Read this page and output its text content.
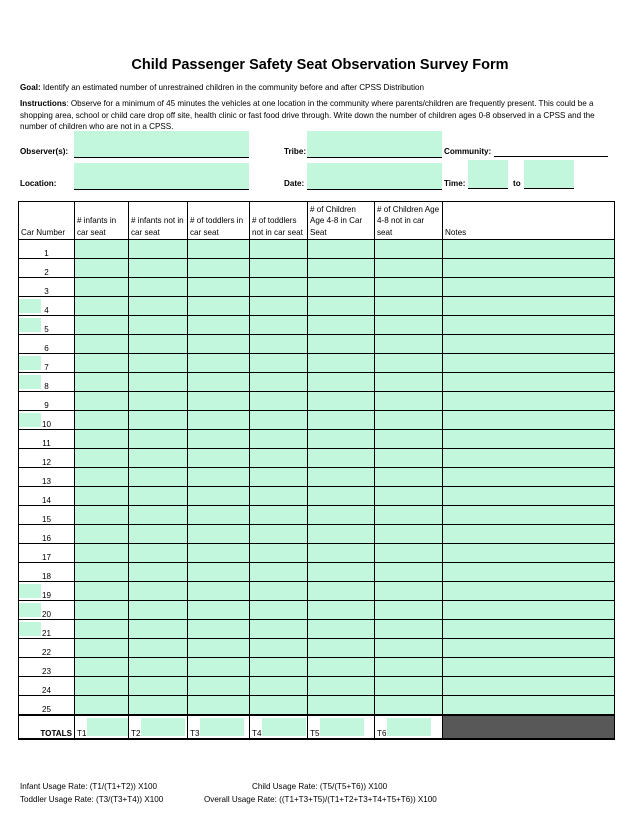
Child Passenger Safety Seat Observation Survey Form
Goal: Identify an estimated number of unrestrained children in the community before and after CPSS Distribution
Instructions: Observe for a minimum of 45 minutes the vehicles at one location in the community where parents/children are frequently present. This could be a shopping area, school or child care drop off site, health clinic or fast food drive through. Write down the number of children ages 0-8 observed in a CPSS and the number of children who are not in a CPSS.
Observer(s):	Tribe:	Community:
Location:	Date:	Time:	to
Car Number	# infants in car seat	# infants not in car seat	# of toddlers in car seat	# of toddlers not in car seat	# of Children Age 4-8 in Car Seat	# of Children Age 4-8 not in car seat	Notes
1							
2							
3							

4							

5							
6							

7							

8							
9							

10							
11							
12							
13							
14							
15							
16							
17							
18							

19							

20							

21							
22							
23							
24							
25							
TOTALS	T1	T2	T3	T4	T5	T6	
Infant Usage Rate: (T1/(T1+T2)) X100	Child Usage Rate: (T5/(T5+T6)) X100
Toddler Usage Rate: (T3/(T3+T4)) X100	Overall Usage Rate: ((T1+T3+T5)/(T1+T2+T3+T4+T5+T6)) X100
